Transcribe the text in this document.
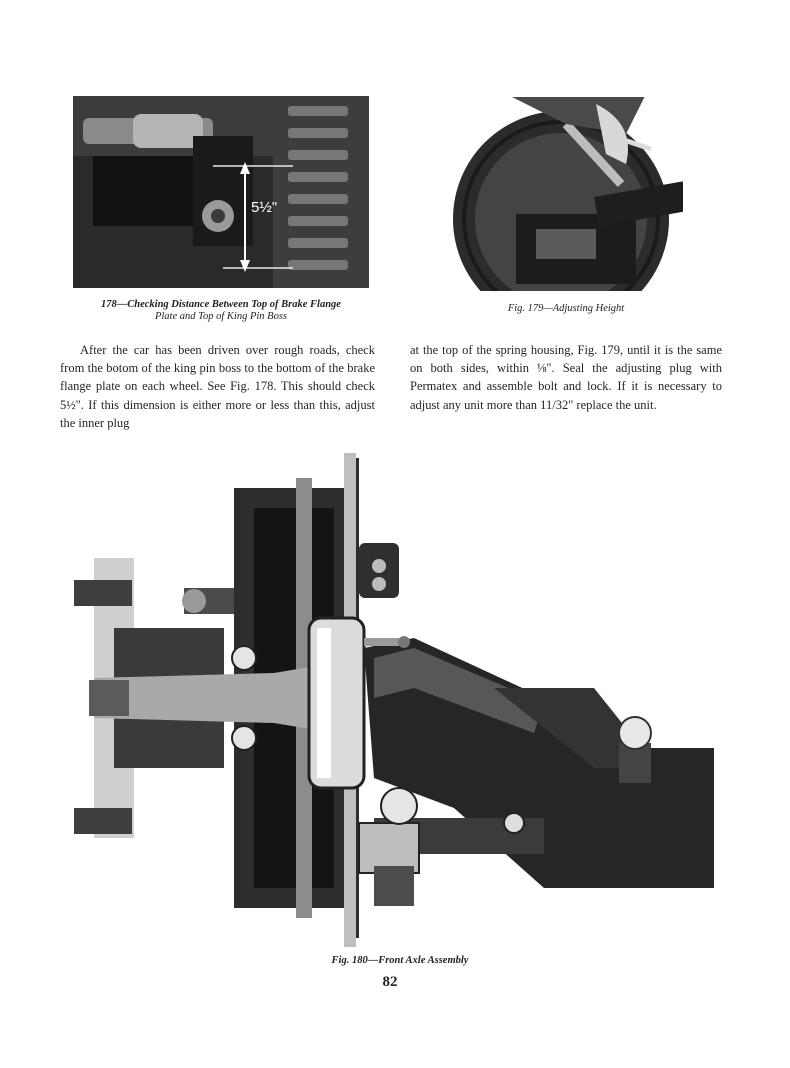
5½"
178—Checking Distance Between Top of Brake Flange
Plate and Top of King Pin Boss
Fig. 179—Adjusting Height

After the car has been driven over rough roads, check from the botom of the king pin boss to the bottom of the brake flange plate on each wheel. See Fig. 178. This should check 5½". If this dimension is either more or less than this, adjust the inner plug

at the top of the spring housing, Fig. 179, until it is the same on both sides, within ⅛". Seal the adjusting plug with Permatex and assemble bolt and lock. If it is necessary to adjust any unit more than 11/32" replace the unit.

Fig. 180—Front Axle Assembly
82
